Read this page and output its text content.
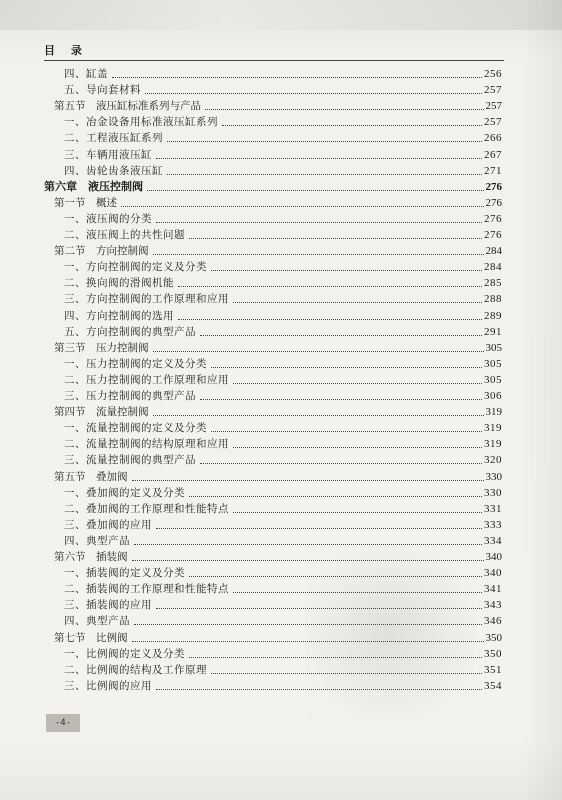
目 录
四、缸盖	256
五、导向套材料	257
第五节　液压缸标准系列与产品	257
一、冶金设备用标准液压缸系列	257
二、工程液压缸系列	266
三、车辆用液压缸	267
四、齿轮齿条液压缸	271
第六章　液压控制阀	276
第一节　概述	276
一、液压阀的分类	276
二、液压阀上的共性问题	276
第二节　方向控制阀	284
一、方向控制阀的定义及分类	284
二、换向阀的滑阀机能	285
三、方向控制阀的工作原理和应用	288
四、方向控制阀的选用	289
五、方向控制阀的典型产品	291
第三节　压力控制阀	305
一、压力控制阀的定义及分类	305
二、压力控制阀的工作原理和应用	305
三、压力控制阀的典型产品	306
第四节　流量控制阀	319
一、流量控制阀的定义及分类	319
二、流量控制阀的结构原理和应用	319
三、流量控制阀的典型产品	320
第五节　叠加阀	330
一、叠加阀的定义及分类	330
二、叠加阀的工作原理和性能特点	331
三、叠加阀的应用	333
四、典型产品	334
第六节　插装阀	340
一、插装阀的定义及分类	340
二、插装阀的工作原理和性能特点	341
三、插装阀的应用	343
四、典型产品	346
第七节　比例阀	350
一、比例阀的定义及分类	350
二、比例阀的结构及工作原理	351
三、比例阀的应用	354
-4-
